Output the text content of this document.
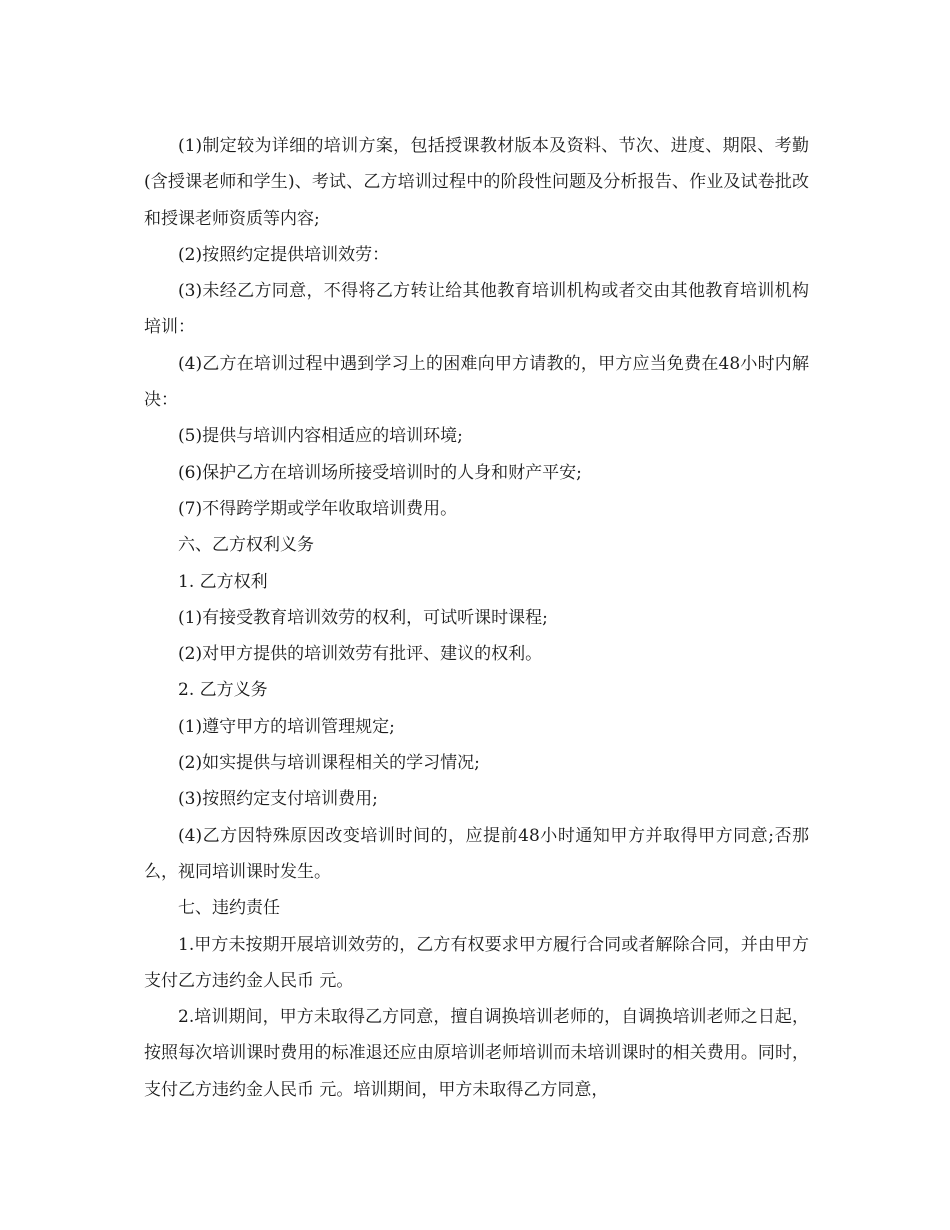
(1)制定较为详细的培训方案，包括授课教材版本及资料、节次、进度、期限、考勤(含授课老师和学生)、考试、乙方培训过程中的阶段性问题及分析报告、作业及试卷批改和授课老师资质等内容;

(2)按照约定提供培训效劳：

(3)未经乙方同意，不得将乙方转让给其他教育培训机构或者交由其他教育培训机构培训：

(4)乙方在培训过程中遇到学习上的困难向甲方请教的，甲方应当免费在48小时内解决：

(5)提供与培训内容相适应的培训环境;

(6)保护乙方在培训场所接受培训时的人身和财产平安;

(7)不得跨学期或学年收取培训费用。

六、乙方权利义务

1. 乙方权利

(1)有接受教育培训效劳的权利，可试听课时课程;

(2)对甲方提供的培训效劳有批评、建议的权利。

2. 乙方义务

(1)遵守甲方的培训管理规定;

(2)如实提供与培训课程相关的学习情况;

(3)按照约定支付培训费用;

(4)乙方因特殊原因改变培训时间的，应提前48小时通知甲方并取得甲方同意;否那么，视同培训课时发生。

七、违约责任

1.甲方未按期开展培训效劳的，乙方有权要求甲方履行合同或者解除合同，并由甲方支付乙方违约金人民币 元。

2.培训期间，甲方未取得乙方同意，擅自调换培训老师的，自调换培训老师之日起，按照每次培训课时费用的标准退还应由原培训老师培训而未培训课时的相关费用。同时，支付乙方违约金人民币 元。培训期间，甲方未取得乙方同意，
